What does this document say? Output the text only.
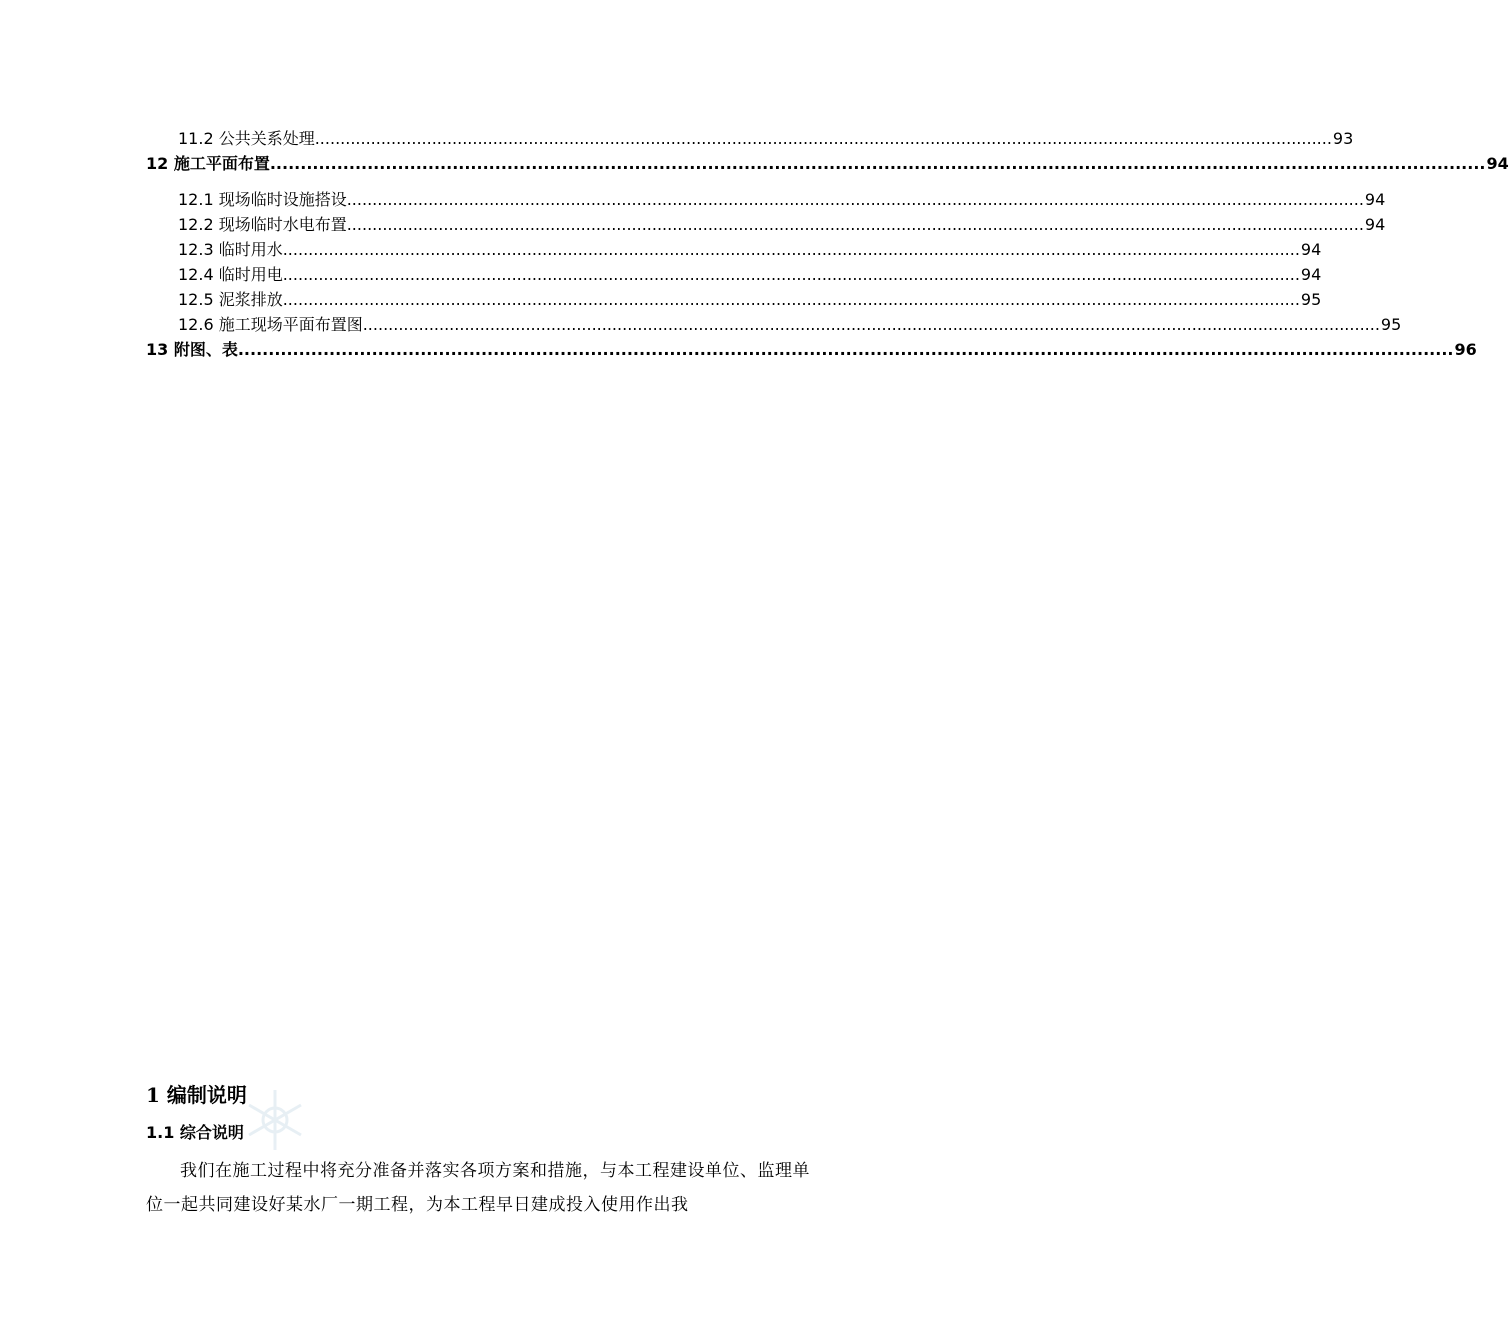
11.2 公共关系处理 ........................................................................................................................................................................................................ 93
12 施工平面布置 ........................................................................................................................................................................................................ 94
12.1 现场临时设施搭设 ........................................................................................................................................................................................................ 94
12.2 现场临时水电布置 ........................................................................................................................................................................................................ 94
12.3 临时用水 ........................................................................................................................................................................................................ 94
12.4 临时用电 ........................................................................................................................................................................................................ 94
12.5 泥浆排放 ........................................................................................................................................................................................................ 95
12.6 施工现场平面布置图 ........................................................................................................................................................................................................ 95
13 附图、表 ........................................................................................................................................................................................................ 96
1 编制说明
1.1 综合说明

我们在施工过程中将充分准备并落实各项方案和措施，与本工程建设单位、监理单位一起共同建设好某水厂一期工程，为本工程早日建成投入使用作出我
